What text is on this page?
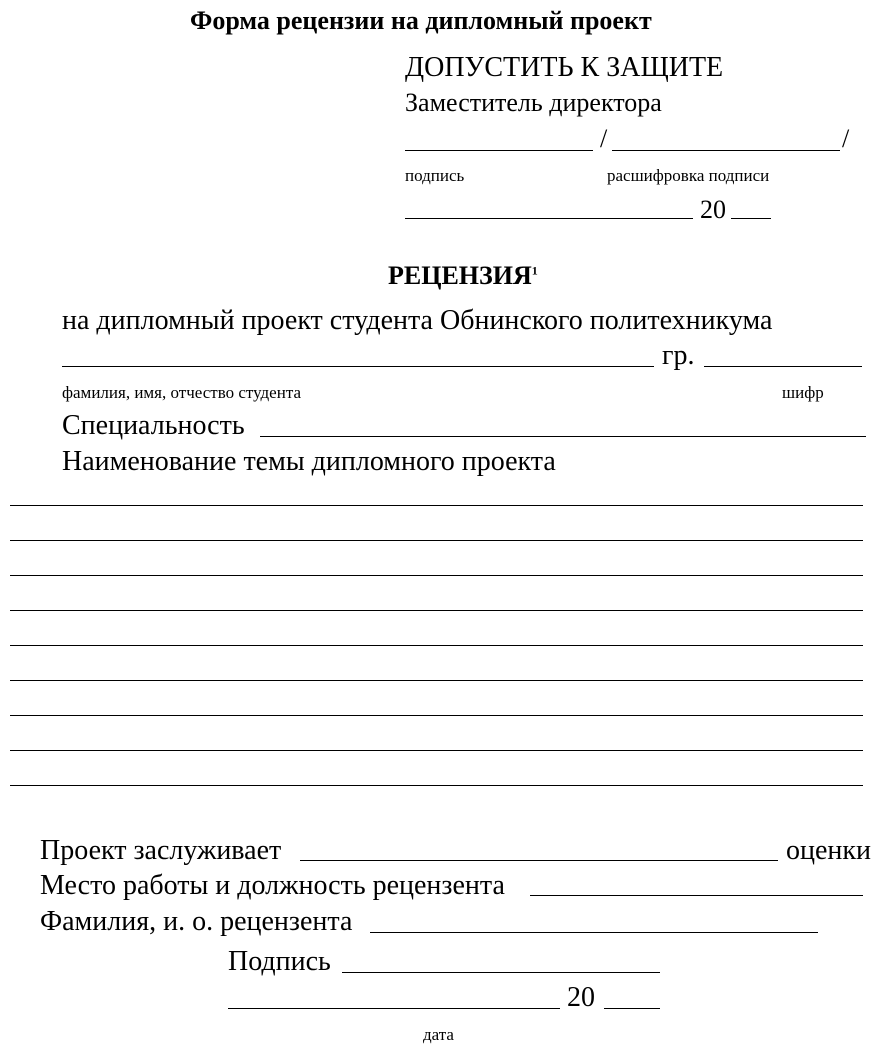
Форма рецензии на дипломный проект
ДОПУСТИТЬ К ЗАЩИТЕ
Заместитель директора
/	/
подпись	расшифровка подписи
20
РЕЦЕНЗИЯ$^1$
на дипломный проект студента Обнинского политехникума
гр.
фамилия, имя, отчество студента	шифр
Специальность
Наименование темы дипломного проекта
Проект заслуживает	оценки
Место работы и должность рецензента
Фамилия, и. о. рецензента
Подпись
20
дата
